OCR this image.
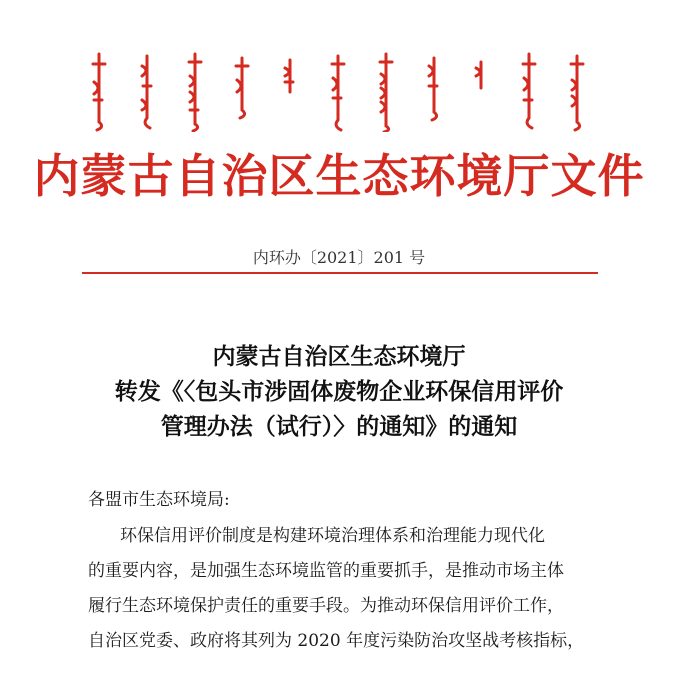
内蒙古自治区生态环境厅文件
内环办〔2021〕201 号
内蒙古自治区生态环境厅
转发《〈包头市涉固体废物企业环保信用评价
管理办法（试行）〉的通知》的通知
各盟市生态环境局:
环保信用评价制度是构建环境治理体系和治理能力现代化
的重要内容，是加强生态环境监管的重要抓手，是推动市场主体
履行生态环境保护责任的重要手段。为推动环保信用评价工作，
自治区党委、政府将其列为 2020 年度污染防治攻坚战考核指标，
